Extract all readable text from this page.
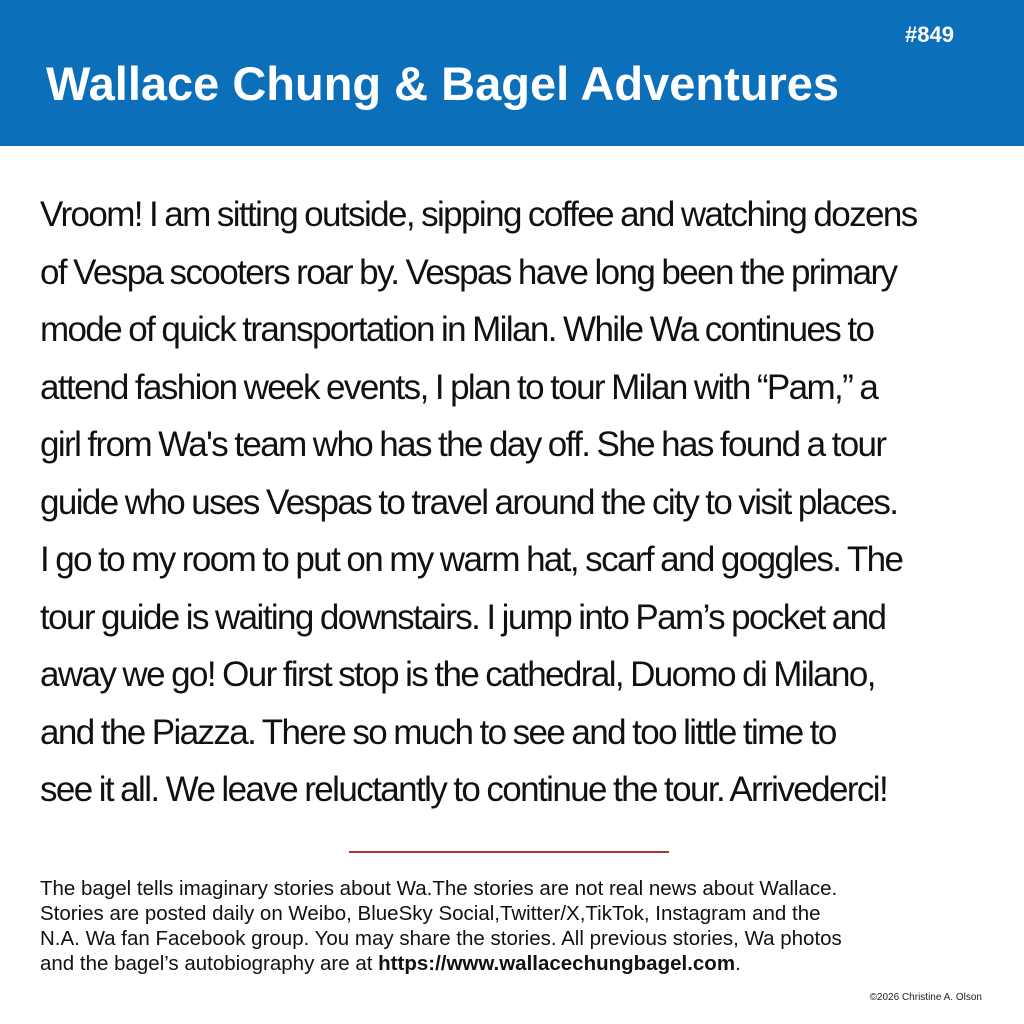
#849
Wallace Chung & Bagel Adventures
Vroom! I am sitting outside, sipping coffee and watching dozens
of Vespa scooters roar by. Vespas have long been the primary
mode of quick transportation in Milan. While Wa continues to
attend fashion week events, I plan to tour Milan with “Pam,” a
girl from Wa's team who has the day off. She has found a tour
guide who uses Vespas to travel around the city to visit places.
I go to my room to put on my warm hat, scarf and goggles. The
tour guide is waiting downstairs. I jump into Pam’s pocket and
away we go! Our first stop is the cathedral, Duomo di Milano,
and the Piazza. There so much to see and too little time to
see it all. We leave reluctantly to continue the tour. Arrivederci!
The bagel tells imaginary stories about Wa.The stories are not real news about Wallace.
Stories are posted daily on Weibo, BlueSky Social,Twitter/X,TikTok, Instagram and the
N.A. Wa fan Facebook group. You may share the stories. All previous stories, Wa photos
and the bagel’s autobiography are at https://www.wallacechungbagel.com.
©2026 Christine A. Olson
